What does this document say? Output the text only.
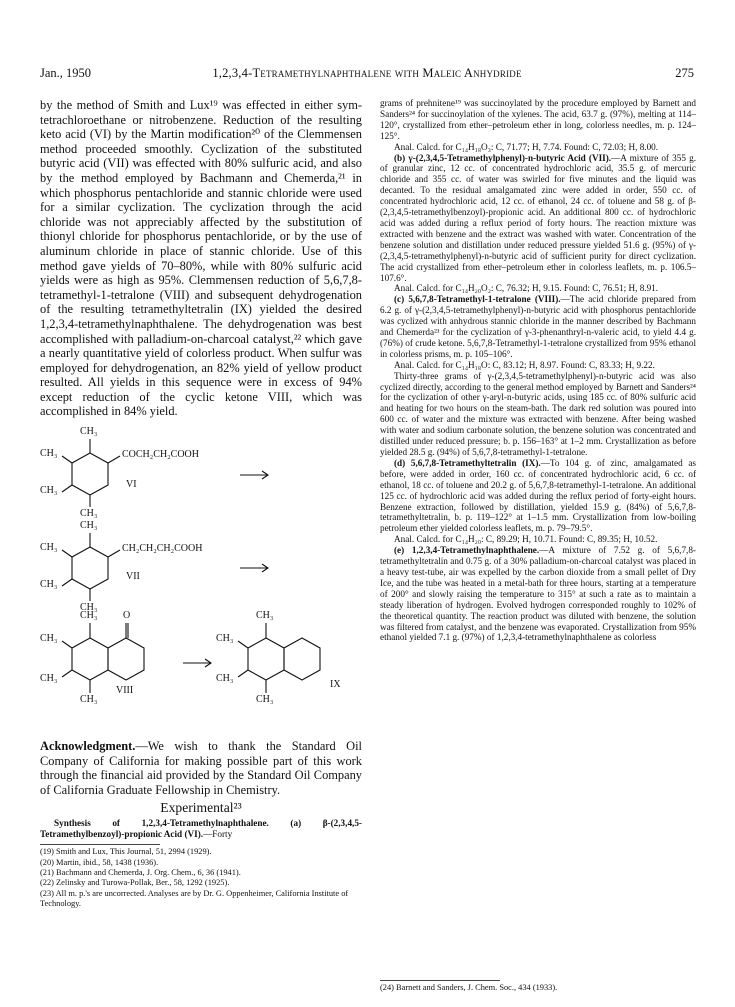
Jan., 1950	1,2,3,4-Tetramethylnaphthalene with Maleic Anhydride	275

by the method of Smith and Lux¹⁹ was effected in either sym-tetrachloroethane or nitrobenzene. Reduction of the resulting keto acid (VI) by the Martin modification²⁰ of the Clemmensen method proceeded smoothly. Cyclization of the substituted butyric acid (VII) was effected with 80% sulfuric acid, and also by the method employed by Bachmann and Chemerda,²¹ in which phosphorus pentachloride and stannic chloride were used for a similar cyclization. The cyclization through the acid chloride was not appreciably affected by the substitution of thionyl chloride for phosphorus pentachloride, or by the use of aluminum chloride in place of stannic chloride. Use of this method gave yields of 70–80%, while with 80% sulfuric acid yields were as high as 95%. Clemmensen reduction of 5,6,7,8-tetramethyl-1-tetralone (VIII) and subsequent dehydrogenation of the resulting tetramethyltetralin (IX) yielded the desired 1,2,3,4-tetramethylnaphthalene. The dehydrogenation was best accomplished with palladium-on-charcoal catalyst,²² which gave a nearly quantitative yield of colorless product. When sulfur was employed for dehydrogenation, an 82% yield of yellow product resulted. All yields in this sequence were in excess of 94% except reduction of the cyclic ketone VIII, which was accomplished in 84% yield.

CH₃
CH₃	COCH₂CH₂COOH
CH₃
VI
CH₃
CH₃
CH₃	CH₂CH₂CH₂COOH
CH₃
VII
CH₃
CH₃	O
CH₃
CH₃
VIII
CH₃
CH₃
CH₃
CH₃
IX
CH₃

Acknowledgment.—We wish to thank the Standard Oil Company of California for making possible part of this work through the financial aid provided by the Standard Oil Company of California Graduate Fellowship in Chemistry.

Experimental²³

Synthesis of 1,2,3,4-Tetramethylnaphthalene. (a) β-(2,3,4,5-Tetramethylbenzoyl)-propionic Acid (VI).—Forty

(19) Smith and Lux, This Journal, 51, 2994 (1929).

(20) Martin, ibid., 58, 1438 (1936).

(21) Bachmann and Chemerda, J. Org. Chem., 6, 36 (1941).

(22) Zelinsky and Turowa-Pollak, Ber., 58, 1292 (1925).

(23) All m. p.'s are uncorrected. Analyses are by Dr. G. Oppenheimer, California Institute of Technology.

grams of prehnitene¹⁹ was succinoylated by the procedure employed by Barnett and Sanders²⁴ for succinoylation of the xylenes. The acid, 63.7 g. (97%), melting at 114–120°, crystallized from ether–petroleum ether in long, colorless needles, m. p. 124–125°.

Anal. Calcd. for C₁₄H₁₈O₃: C, 71.77; H, 7.74. Found: C, 72.03; H, 8.00.

(b) γ-(2,3,4,5-Tetramethylphenyl)-n-butyric Acid (VII).—A mixture of 355 g. of granular zinc, 12 cc. of concentrated hydrochloric acid, 35.5 g. of mercuric chloride and 355 cc. of water was swirled for five minutes and the liquid was decanted. To the residual amalgamated zinc were added in order, 550 cc. of concentrated hydrochloric acid, 12 cc. of ethanol, 24 cc. of toluene and 58 g. of β-(2,3,4,5-tetramethylbenzoyl)-propionic acid. An additional 800 cc. of hydrochloric acid was added during a reflux period of forty hours. The reaction mixture was extracted with benzene and the extract was washed with water. Concentration of the benzene solution and distillation under reduced pressure yielded 51.6 g. (95%) of γ-(2,3,4,5-tetramethylphenyl)-n-butyric acid of sufficient purity for direct cyclization. The acid crystallized from ether–petroleum ether in colorless leaflets, m. p. 106.5–107.6°.

Anal. Calcd. for C₁₄H₂₀O₂: C, 76.32; H, 9.15. Found: C, 76.51; H, 8.91.

(c) 5,6,7,8-Tetramethyl-1-tetralone (VIII).—The acid chloride prepared from 6.2 g. of γ-(2,3,4,5-tetramethylphenyl)-n-butyric acid with phosphorus pentachloride was cyclized with anhydrous stannic chloride in the manner described by Bachmann and Chemerda²¹ for the cyclization of γ-3-phenanthryl-n-valeric acid, to yield 4.4 g. (76%) of crude ketone. 5,6,7,8-Tetramethyl-1-tetralone crystallized from 95% ethanol in colorless prisms, m. p. 105–106°.

Anal. Calcd. for C₁₄H₁₈O: C, 83.12; H, 8.97. Found: C, 83.33; H, 9.22.

Thirty-three grams of γ-(2,3,4,5-tetramethylphenyl)-n-butyric acid was also cyclized directly, according to the general method employed by Barnett and Sanders²⁴ for the cyclization of other γ-aryl-n-butyric acids, using 185 cc. of 80% sulfuric acid and heating for two hours on the steam-bath. The dark red solution was poured into 600 cc. of water and the mixture was extracted with benzene. After being washed with water and sodium carbonate solution, the benzene solution was concentrated and distilled under reduced pressure; b. p. 156–163° at 1–2 mm. Crystallization as before yielded 28.5 g. (94%) of 5,6,7,8-tetramethyl-1-tetralone.

(d) 5,6,7,8-Tetramethyltetralin (IX).—To 104 g. of zinc, amalgamated as before, were added in order, 160 cc. of concentrated hydrochloric acid, 6 cc. of ethanol, 18 cc. of toluene and 20.2 g. of 5,6,7,8-tetramethyl-1-tetralone. An additional 125 cc. of hydrochloric acid was added during the reflux period of forty-eight hours. Benzene extraction, followed by distillation, yielded 15.9 g. (84%) of 5,6,7,8-tetramethyltetralin, b. p. 119–122° at 1–1.5 mm. Crystallization from low-boiling petroleum ether yielded colorless leaflets, m. p. 79–79.5°.

Anal. Calcd. for C₁₄H₂₀: C, 89.29; H, 10.71. Found: C, 89.35; H, 10.52.

(e) 1,2,3,4-Tetramethylnaphthalene.—A mixture of 7.52 g. of 5,6,7,8-tetramethyltetralin and 0.75 g. of a 30% palladium-on-charcoal catalyst was placed in a heavy test-tube, air was expelled by the carbon dioxide from a small pellet of Dry Ice, and the tube was heated in a metal-bath for three hours, starting at a temperature of 200° and slowly raising the temperature to 315° at such a rate as to maintain a steady liberation of hydrogen. Evolved hydrogen corresponded roughly to 102% of the theoretical quantity. The reaction product was diluted with benzene, the solution was filtered from catalyst, and the benzene was evaporated. Crystallization from 95% ethanol yielded 7.1 g. (97%) of 1,2,3,4-tetramethylnaphthalene as colorless

(24) Barnett and Sanders, J. Chem. Soc., 434 (1933).
